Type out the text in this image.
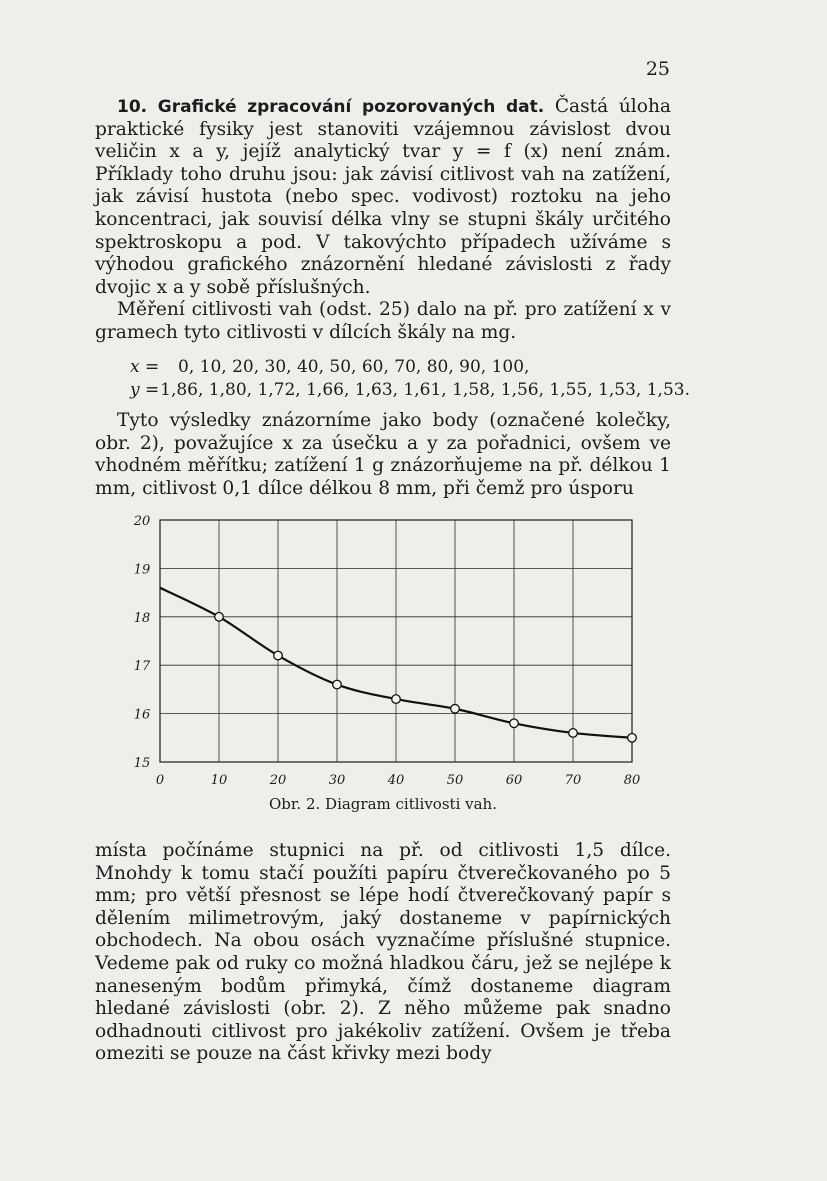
25

10. Grafické zpracování pozorovaných dat. Častá úloha praktické fysiky jest stanoviti vzájemnou závislost dvou veličin x a y, jejíž analytický tvar y = f (x) není znám. Příklady toho druhu jsou: jak závisí citlivost vah na zatížení, jak závisí hustota (nebo spec. vodivost) roztoku na jeho koncentraci, jak souvisí délka vlny se stupni škály určitého spektroskopu a pod. V takovýchto případech užíváme s výhodou grafického znázornění hledané závislosti z řady dvojic x a y sobě příslušných.

Měření citlivosti vah (odst. 25) dalo na př. pro zatížení x v gramech tyto citlivosti v dílcích škály na mg.

x =	0, 10, 20, 30, 40, 50, 60, 70, 80, 90, 100,
y = 1,86, 1,80, 1,72, 1,66, 1,63, 1,61, 1,58, 1,56, 1,55, 1,53, 1,53.

Tyto výsledky znázorníme jako body (označené kolečky, obr. 2), považujíce x za úsečku a y za pořadnici, ovšem ve vhodném měřítku; zatížení 1 g znázorňujeme na př. délkou 1 mm, citlivost 0,1 dílce délkou 8 mm, při čemž pro úsporu

0	10	20	30	40	50	60	70	80
15
16
17
18
19
20
Obr. 2. Diagram citlivosti vah.

místa počínáme stupnici na př. od citlivosti 1,5 dílce. Mnohdy k tomu stačí použíti papíru čtverečkovaného po 5 mm; pro větší přesnost se lépe hodí čtverečkovaný papír s dělením milimetrovým, jaký dostaneme v papírnických obchodech. Na obou osách vyznačíme příslušné stupnice. Vedeme pak od ruky co možná hladkou čáru, jež se nejlépe k naneseným bodům přimyká, čímž dostaneme diagram hledané závislosti (obr. 2). Z něho můžeme pak snadno odhadnouti citlivost pro jakékoliv zatížení. Ovšem je třeba omeziti se pouze na část křivky mezi body
